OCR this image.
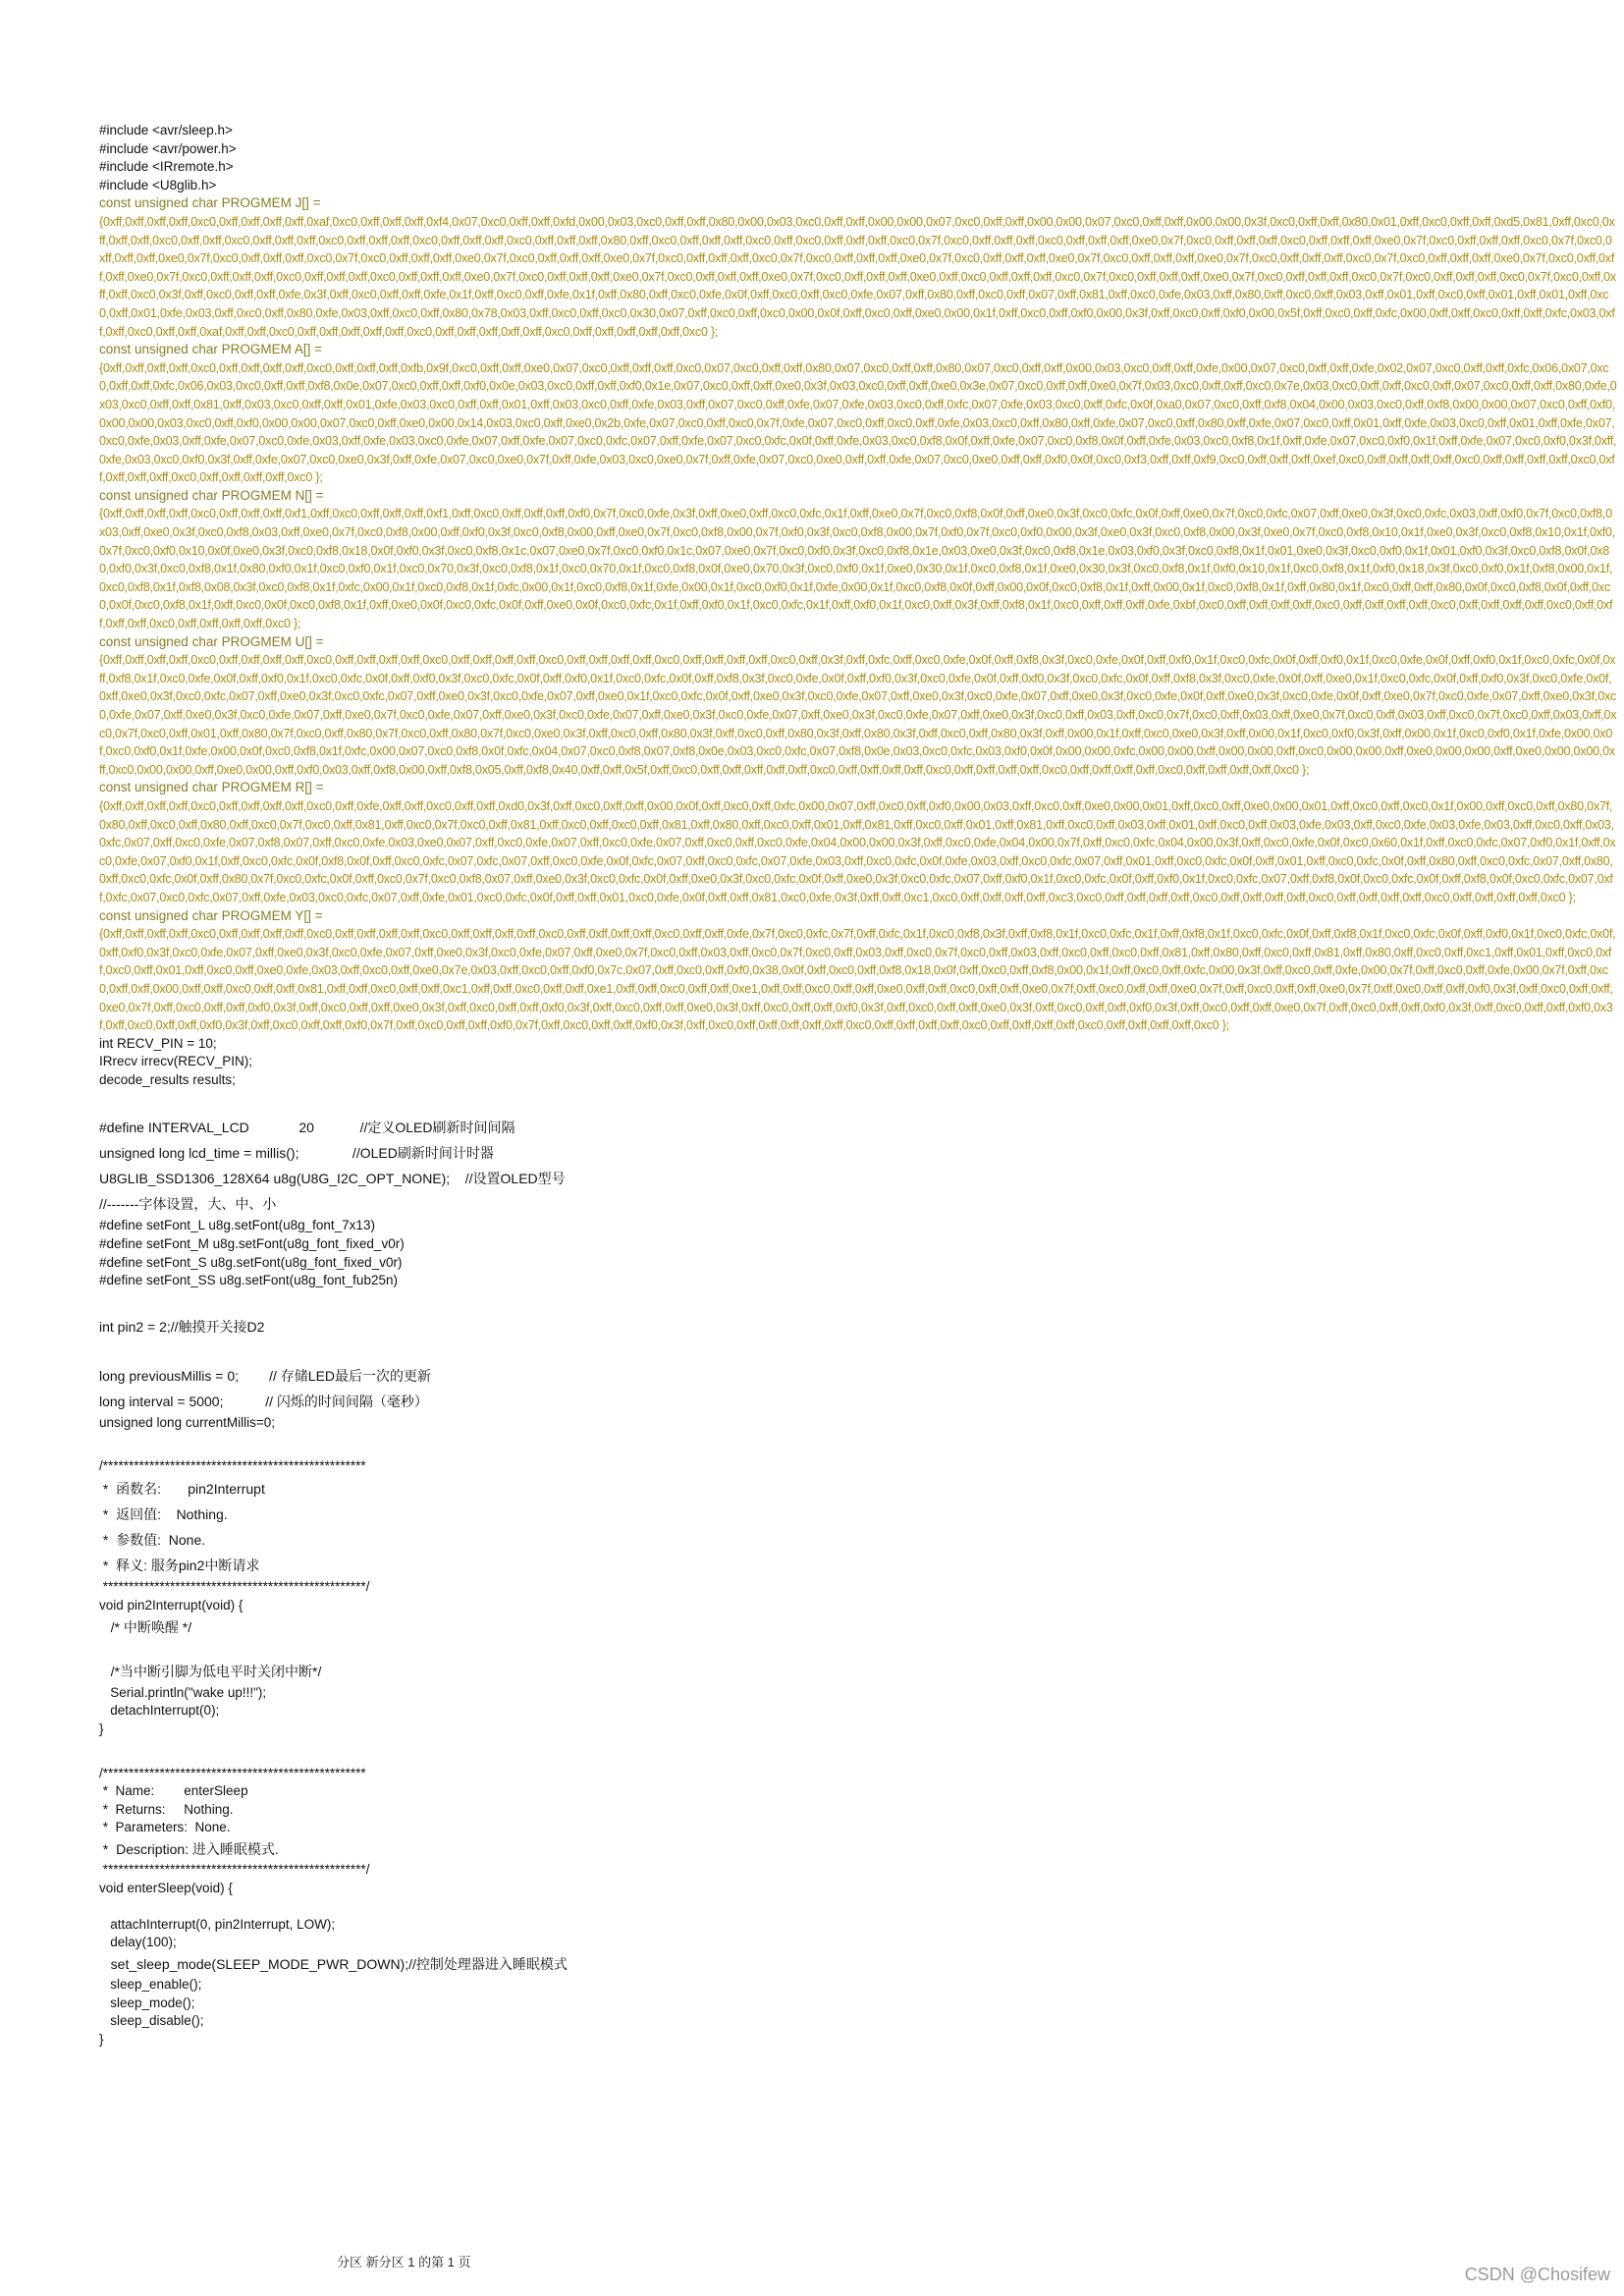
#include <avr/sleep.h>
#include <avr/power.h>
#include <IRremote.h>
#include <U8glib.h>
const unsigned char PROGMEM J[] =
{0xff,0xff,0xff,0xff,0xc0,0xff,0xff,0xff,0xff,0xaf,0xc0,0xff,0xff,0xff,0xf4,0x07,0xc0,0xff,0xff,0xfd,0x00,0x03,0xc0,0xff,0xff,0x80,0x00,0x03,0xc0,0xff,0xff,0x00,0x00,0x07,0xc0,0xff,0xff,0x00,0x00,0x07,0xc0,0xff,0xff,0x00,0x00,0x3f,0xc0,0xff,0xff,0x80,0x01,0xff,0xc0,0xff,0xff,0xd5,0x81,0xff,0xc0,0xff,0xff,0xff,0xc0,0xff,0xff,0xc0,0xff,0xff,0xff,0xc0,0xff,0xff,0xff,0xc0,0xff,0xff,0xff,0xc0,0xff,0xff,0xff,0x80,0xff,0xc0,0xff,0xff,0xff,0xc0,0xff,0xc0,0xff,0xff,0xff,0xc0,0x7f,0xc0,0xff,0xff,0xff,0xc0,0xff,0xff,0xff,0xe0,0x7f,0xc0,0xff,0xff,0xff,0xc0,0xff,0xff,0xff,0xe0,0x7f,0xc0,0xff,0xff,0xff,0xc0,0x7f,0xc0,0xff,0xff,0xff,0xe0,0x7f,0xc0,0xff,0xff,0xff,0xc0,0x7f,0xc0,0xff,0xff,0xff,0xe0,0x7f,0xc0,0xff,0xff,0xff,0xe0,0x7f,0xc0,0xff,0xff,0xff,0xc0,0x7f,0xc0,0xff,0xff,0xff,0xe0,0x7f,0xc0,0xff,0xff,0xff,0xe0,0x7f,0xc0,0xff,0xff,0xff,0xe0,0x7f,0xc0,0xff,0xff,0xff,0xc0,0x7f,0xc0,0xff,0xff,0xff,0xe0,0x7f,0xc0,0xff,0xff,0xff,0xe0,0x7f,0xc0,0xff,0xff,0xff,0xc0,0xff,0xff,0xff,0xc0,0xff,0xff,0xff,0xe0,0x7f,0xc0,0xff,0xff,0xff,0xe0,0x7f,0xc0,0xff,0xff,0xff,0xe0,0x7f,0xc0,0xff,0xff,0xff,0xe0,0xff,0xc0,0xff,0xff,0xff,0xc0,0x7f,0xc0,0xff,0xff,0xff,0xe0,0x7f,0xc0,0xff,0xff,0xff,0xc0,0x7f,0xc0,0xff,0xff,0xff,0xc0,0x7f,0xc0,0xff,0xff,0xff,0xc0,0x3f,0xff,0xc0,0xff,0xff,0xfe,0x3f,0xff,0xc0,0xff,0xff,0xfe,0x1f,0xff,0xc0,0xff,0xfe,0x1f,0xff,0x80,0xff,0xc0,0xfe,0x0f,0xff,0xc0,0xff,0xc0,0xfe,0x07,0xff,0x80,0xff,0xc0,0xff,0x07,0xff,0x81,0xff,0xc0,0xfe,0x03,0xff,0x80,0xff,0xc0,0xff,0x03,0xff,0x01,0xff,0xc0,0xff,0x01,0xff,0x01,0xff,0xc0,0xff,0x01,0xfe,0x03,0xff,0xc0,0xff,0x80,0xfe,0x03,0xff,0xc0,0xff,0x80,0x78,0x03,0xff,0xc0,0xff,0xc0,0x30,0x07,0xff,0xc0,0xff,0xc0,0x00,0x0f,0xff,0xc0,0xff,0xe0,0x00,0x1f,0xff,0xc0,0xff,0xf0,0x00,0x3f,0xff,0xc0,0xff,0xf0,0x00,0x5f,0xff,0xc0,0xff,0xfc,0x00,0xff,0xff,0xc0,0xff,0xff,0xfc,0x03,0xff,0xff,0xc0,0xff,0xff,0xaf,0xff,0xff,0xc0,0xff,0xff,0xff,0xff,0xff,0xc0,0xff,0xff,0xff,0xff,0xff,0xc0,0xff,0xff,0xff,0xff,0xff,0xc0 };
const unsigned char PROGMEM A[] =
{0xff,0xff,0xff,0xff,0xc0,0xff,0xff,0xff,0xff,0xc0,0xff,0xff,0xff,0xfb,0x9f,0xc0,0xff,0xff,0xe0,0x07,0xc0,0xff,0xff,0xff,0xc0,0x07,0xc0,0xff,0xff,0x80,0x07,0xc0,0xff,0xff,0x80,0x07,0xc0,0xff,0xff,0x00,0x03,0xc0,0xff,0xff,0xfe,0x00,0x07,0xc0,0xff,0xff,0xfe,0x02,0x07,0xc0,0xff,0xff,0xfc,0x06,0x07,0xc0,0xff,0xff,0xfc,0x06,0x03,0xc0,0xff,0xff,0xf8,0x0e,0x07,0xc0,0xff,0xff,0xf0,0x0e,0x03,0xc0,0xff,0xff,0xf0,0x1e,0x07,0xc0,0xff,0xff,0xe0,0x3f,0x03,0xc0,0xff,0xff,0xe0,0x3e,0x07,0xc0,0xff,0xff,0xe0,0x7f,0x03,0xc0,0xff,0xff,0xc0,0x7e,0x03,0xc0,0xff,0xff,0xc0,0xff,0x07,0xc0,0xff,0xff,0x80,0xfe,0x03,0xc0,0xff,0xff,0x81,0xff,0x03,0xc0,0xff,0xff,0x01,0xfe,0x03,0xc0,0xff,0xff,0x01,0xff,0x03,0xc0,0xff,0xfe,0x03,0xff,0x07,0xc0,0xff,0xfe,0x07,0xfe,0x03,0xc0,0xff,0xfc,0x07,0xfe,0x03,0xc0,0xff,0xfc,0x0f,0xa0,0x07,0xc0,0xff,0xf8,0x04,0x00,0x03,0xc0,0xff,0xf8,0x00,0x00,0x07,0xc0,0xff,0xf0,0x00,0x00,0x03,0xc0,0xff,0xf0,0x00,0x00,0x07,0xc0,0xff,0xe0,0x00,0x14,0x03,0xc0,0xff,0xe0,0x2b,0xfe,0x07,0xc0,0xff,0xc0,0x7f,0xfe,0x07,0xc0,0xff,0xc0,0xff,0xfe,0x03,0xc0,0xff,0x80,0xff,0xfe,0x07,0xc0,0xff,0x80,0xff,0xfe,0x07,0xc0,0xff,0x01,0xff,0xfe,0x03,0xc0,0xff,0x01,0xff,0xfe,0x07,0xc0,0xfe,0x03,0xff,0xfe,0x07,0xc0,0xfe,0x03,0xff,0xfe,0x03,0xc0,0xfe,0x07,0xff,0xfe,0x07,0xc0,0xfc,0x07,0xff,0xfe,0x07,0xc0,0xfc,0x0f,0xff,0xfe,0x03,0xc0,0xf8,0x0f,0xff,0xfe,0x07,0xc0,0xf8,0x0f,0xff,0xfe,0x03,0xc0,0xf8,0x1f,0xff,0xfe,0x07,0xc0,0xf0,0x1f,0xff,0xfe,0x07,0xc0,0xf0,0x3f,0xff,0xfe,0x03,0xc0,0xf0,0x3f,0xff,0xfe,0x07,0xc0,0xe0,0x3f,0xff,0xfe,0x07,0xc0,0xe0,0x7f,0xff,0xfe,0x03,0xc0,0xe0,0x7f,0xff,0xfe,0x07,0xc0,0xe0,0xff,0xff,0xfe,0x07,0xc0,0xe0,0xff,0xff,0xf0,0x0f,0xc0,0xf3,0xff,0xff,0xf9,0xc0,0xff,0xff,0xff,0xef,0xc0,0xff,0xff,0xff,0xff,0xc0,0xff,0xff,0xff,0xff,0xc0,0xff,0xff,0xff,0xff,0xc0,0xff,0xff,0xff,0xff,0xc0 };
const unsigned char PROGMEM N[] =
{0xff,0xff,0xff,0xff,0xc0,0xff,0xff,0xff,0xf1,0xff,0xc0,0xff,0xff,0xff,0xf1,0xff,0xc0,0xff,0xff,0xff,0xf0,0x7f,0xc0,0xfe,0x3f,0xff,0xe0,0xff,0xc0,0xfc,0x1f,0xff,0xe0,0x7f,0xc0,0xf8,0x0f,0xff,0xe0,0x3f,0xc0,0xfc,0x0f,0xff,0xe0,0x7f,0xc0,0xfc,0x07,0xff,0xe0,0x3f,0xc0,0xfc,0x03,0xff,0xf0,0x7f,0xc0,0xf8,0x03,0xff,0xe0,0x3f,0xc0,0xf8,0x03,0xff,0xe0,0x7f,0xc0,0xf8,0x00,0xff,0xf0,0x3f,0xc0,0xf8,0x00,0xff,0xe0,0x7f,0xc0,0xf8,0x00,0x7f,0xf0,0x3f,0xc0,0xf8,0x00,0x7f,0xf0,0x7f,0xc0,0xf0,0x00,0x3f,0xe0,0x3f,0xc0,0xf8,0x00,0x3f,0xe0,0x7f,0xc0,0xf8,0x10,0x1f,0xe0,0x3f,0xc0,0xf8,0x10,0x1f,0xf0,0x7f,0xc0,0xf0,0x10,0x0f,0xe0,0x3f,0xc0,0xf8,0x18,0x0f,0xf0,0x3f,0xc0,0xf8,0x1c,0x07,0xe0,0x7f,0xc0,0xf0,0x1c,0x07,0xe0,0x7f,0xc0,0xf0,0x3f,0xc0,0xf8,0x1e,0x03,0xe0,0x3f,0xc0,0xf8,0x1e,0x03,0xf0,0x3f,0xc0,0xf8,0x1f,0x01,0xe0,0x3f,0xc0,0xf0,0x1f,0x01,0xf0,0x3f,0xc0,0xf8,0x0f,0x80,0xf0,0x3f,0xc0,0xf8,0x1f,0x80,0xf0,0x1f,0xc0,0xf0,0x1f,0xc0,0x70,0x3f,0xc0,0xf8,0x1f,0xc0,0x70,0x1f,0xc0,0xf8,0x0f,0xe0,0x70,0x3f,0xc0,0xf0,0x1f,0xe0,0x30,0x1f,0xc0,0xf8,0x1f,0xe0,0x30,0x3f,0xc0,0xf8,0x1f,0xf0,0x10,0x1f,0xc0,0xf8,0x1f,0xf0,0x18,0x3f,0xc0,0xf0,0x1f,0xf8,0x00,0x1f,0xc0,0xf8,0x1f,0xf8,0x08,0x3f,0xc0,0xf8,0x1f,0xfc,0x00,0x1f,0xc0,0xf8,0x1f,0xfc,0x00,0x1f,0xc0,0xf8,0x1f,0xfe,0x00,0x1f,0xc0,0xf0,0x1f,0xfe,0x00,0x1f,0xc0,0xf8,0x0f,0xff,0x00,0x0f,0xc0,0xf8,0x1f,0xff,0x00,0x1f,0xc0,0xf8,0x1f,0xff,0x80,0x1f,0xc0,0xff,0xff,0x80,0x0f,0xc0,0xf8,0x0f,0xff,0xc0,0x0f,0xc0,0xf8,0x1f,0xff,0xc0,0x0f,0xc0,0xf8,0x1f,0xff,0xe0,0x0f,0xc0,0xfc,0x0f,0xff,0xe0,0x0f,0xc0,0xfc,0x1f,0xff,0xf0,0x1f,0xc0,0xfc,0x1f,0xff,0xf0,0x1f,0xc0,0xff,0x3f,0xff,0xf8,0x1f,0xc0,0xff,0xff,0xff,0xfe,0xbf,0xc0,0xff,0xff,0xff,0xff,0xc0,0xff,0xff,0xff,0xff,0xc0,0xff,0xff,0xff,0xff,0xc0,0xff,0xff,0xff,0xff,0xc0,0xff,0xff,0xff,0xff,0xc0 };
const unsigned char PROGMEM U[] =
{0xff,0xff,0xff,0xff,0xc0,0xff,0xff,0xff,0xff,0xc0,0xff,0xff,0xff,0xff,0xc0,0xff,0xff,0xff,0xff,0xc0,0xff,0xff,0xff,0xff,0xc0,0xff,0xff,0xff,0xff,0xc0,0xff,0x3f,0xff,0xfc,0xff,0xc0,0xfe,0x0f,0xff,0xf8,0x3f,0xc0,0xfe,0x0f,0xff,0xf0,0x1f,0xc0,0xfc,0x0f,0xff,0xf0,0x1f,0xc0,0xfe,0x0f,0xff,0xf0,0x1f,0xc0,0xfc,0x0f,0xff,0xf8,0x1f,0xc0,0xfe,0x0f,0xff,0xf0,0x1f,0xc0,0xfc,0x0f,0xff,0xf0,0x3f,0xc0,0xfc,0x0f,0xff,0xf0,0x1f,0xc0,0xfc,0x0f,0xff,0xf8,0x3f,0xc0,0xfe,0x0f,0xff,0xf0,0x3f,0xc0,0xfe,0x0f,0xff,0xf0,0x3f,0xc0,0xfc,0x0f,0xff,0xf8,0x3f,0xc0,0xfe,0x0f,0xff,0xe0,0x1f,0xc0,0xfc,0x0f,0xff,0xf0,0x3f,0xc0,0xfe,0x0f,0xff,0xe0,0x3f,0xc0,0xfc,0x07,0xff,0xe0,0x3f,0xc0,0xfc,0x07,0xff,0xe0,0x3f,0xc0,0xfe,0x07,0xff,0xe0,0x1f,0xc0,0xfc,0x0f,0xff,0xe0,0x3f,0xc0,0xfe,0x07,0xff,0xe0,0x3f,0xc0,0xfe,0x07,0xff,0xe0,0x3f,0xc0,0xfe,0x0f,0xff,0xe0,0x3f,0xc0,0xfe,0x0f,0xff,0xe0,0x7f,0xc0,0xfe,0x07,0xff,0xe0,0x3f,0xc0,0xfe,0x07,0xff,0xe0,0x3f,0xc0,0xfe,0x07,0xff,0xe0,0x7f,0xc0,0xfe,0x07,0xff,0xe0,0x3f,0xc0,0xfe,0x07,0xff,0xe0,0x3f,0xc0,0xfe,0x07,0xff,0xe0,0x3f,0xc0,0xfe,0x07,0xff,0xe0,0x3f,0xc0,0xff,0x03,0xff,0xc0,0x7f,0xc0,0xff,0x03,0xff,0xe0,0x7f,0xc0,0xff,0x03,0xff,0xc0,0x7f,0xc0,0xff,0x03,0xff,0xc0,0x7f,0xc0,0xff,0x01,0xff,0x80,0x7f,0xc0,0xff,0x80,0x7f,0xc0,0xff,0x80,0x7f,0xc0,0xe0,0x3f,0xff,0xc0,0xff,0x80,0x3f,0xff,0xc0,0xff,0x80,0x3f,0xff,0x80,0x3f,0xff,0xc0,0xff,0x80,0x3f,0xff,0x00,0x1f,0xff,0xc0,0xe0,0x3f,0xff,0x00,0x1f,0xc0,0xf0,0x3f,0xff,0x00,0x1f,0xc0,0xf0,0x1f,0xfe,0x00,0x0f,0xc0,0xf0,0x1f,0xfe,0x00,0x0f,0xc0,0xf8,0x1f,0xfc,0x00,0x07,0xc0,0xf8,0x0f,0xfc,0x04,0x07,0xc0,0xf8,0x07,0xf8,0x0e,0x03,0xc0,0xfc,0x07,0xf8,0x0e,0x03,0xc0,0xfc,0x03,0xf0,0x0f,0x00,0x00,0xfc,0x00,0x00,0xff,0x00,0x00,0xff,0xc0,0x00,0x00,0xff,0xe0,0x00,0x00,0xff,0xe0,0x00,0x00,0xff,0xc0,0x00,0x00,0xff,0xe0,0x00,0xff,0xf0,0x03,0xff,0xf8,0x00,0xff,0xf8,0x05,0xff,0xf8,0x40,0xff,0xff,0x5f,0xff,0xc0,0xff,0xff,0xff,0xff,0xff,0xc0,0xff,0xff,0xff,0xff,0xc0,0xff,0xff,0xff,0xff,0xc0,0xff,0xff,0xff,0xff,0xc0,0xff,0xff,0xff,0xff,0xc0 };
const unsigned char PROGMEM R[] =
{0xff,0xff,0xff,0xff,0xc0,0xff,0xff,0xff,0xff,0xc0,0xff,0xfe,0xff,0xff,0xc0,0xff,0xff,0xd0,0x3f,0xff,0xc0,0xff,0xff,0x00,0x0f,0xff,0xc0,0xff,0xfc,0x00,0x07,0xff,0xc0,0xff,0xf0,0x00,0x03,0xff,0xc0,0xff,0xe0,0x00,0x01,0xff,0xc0,0xff,0xe0,0x00,0x01,0xff,0xc0,0xff,0xc0,0x1f,0x00,0xff,0xc0,0xff,0x80,0x7f,0x80,0xff,0xc0,0xff,0x80,0xff,0xc0,0x7f,0xc0,0xff,0x81,0xff,0xc0,0x7f,0xc0,0xff,0x81,0xff,0xc0,0xff,0xc0,0xff,0x81,0xff,0x80,0xff,0xc0,0xff,0x01,0xff,0x81,0xff,0xc0,0xff,0x01,0xff,0x81,0xff,0xc0,0xff,0x03,0xff,0x01,0xff,0xc0,0xff,0x03,0xfe,0x03,0xff,0xc0,0xfe,0x03,0xfe,0x03,0xff,0xc0,0xff,0x03,0xfc,0x07,0xff,0xc0,0xfe,0x07,0xf8,0x07,0xff,0xc0,0xfe,0x03,0xe0,0x07,0xff,0xc0,0xfe,0x07,0xff,0xc0,0xfe,0x07,0xff,0xc0,0xff,0xc0,0xfe,0x04,0x00,0x00,0x3f,0xff,0xc0,0xfe,0x04,0x00,0x7f,0xff,0xc0,0xfc,0x04,0x00,0x3f,0xff,0xc0,0xfe,0x0f,0xc0,0x60,0x1f,0xff,0xc0,0xfc,0x07,0xf0,0x1f,0xff,0xc0,0xfe,0x07,0xf0,0x1f,0xff,0xc0,0xfc,0x0f,0xf8,0x0f,0xff,0xc0,0xfc,0x07,0xfc,0x07,0xff,0xc0,0xfe,0x0f,0xfc,0x07,0xff,0xc0,0xfc,0x07,0xfe,0x03,0xff,0xc0,0xfc,0x0f,0xfe,0x03,0xff,0xc0,0xfc,0x07,0xff,0x01,0xff,0xc0,0xfc,0x0f,0xff,0x01,0xff,0xc0,0xfc,0x0f,0xff,0x80,0xff,0xc0,0xfc,0x07,0xff,0x80,0xff,0xc0,0xfc,0x0f,0xff,0x80,0x7f,0xc0,0xfc,0x0f,0xff,0xc0,0x7f,0xc0,0xf8,0x07,0xff,0xe0,0x3f,0xc0,0xfc,0x0f,0xff,0xe0,0x3f,0xc0,0xfc,0x0f,0xff,0xe0,0x3f,0xc0,0xfc,0x07,0xff,0xf0,0x1f,0xc0,0xfc,0x0f,0xff,0xf0,0x1f,0xc0,0xfc,0x07,0xff,0xf8,0x0f,0xc0,0xfc,0x0f,0xff,0xf8,0x0f,0xc0,0xfc,0x07,0xff,0xfc,0x07,0xc0,0xfc,0x07,0xff,0xfe,0x03,0xc0,0xfc,0x07,0xff,0xfe,0x01,0xc0,0xfc,0x0f,0xff,0xff,0x01,0xc0,0xfe,0x0f,0xff,0xff,0x81,0xc0,0xfe,0x3f,0xff,0xff,0xc1,0xc0,0xff,0xff,0xff,0xff,0xc3,0xc0,0xff,0xff,0xff,0xff,0xc0,0xff,0xff,0xff,0xff,0xc0,0xff,0xff,0xff,0xff,0xc0,0xff,0xff,0xff,0xff,0xc0 };
const unsigned char PROGMEM Y[] =
{0xff,0xff,0xff,0xff,0xc0,0xff,0xff,0xff,0xff,0xc0,0xff,0xff,0xff,0xff,0xc0,0xff,0xff,0xff,0xff,0xc0,0xff,0xff,0xff,0xff,0xc0,0xff,0xff,0xfe,0x7f,0xc0,0xfc,0x7f,0xff,0xfc,0x1f,0xc0,0xf8,0x3f,0xff,0xf8,0x1f,0xc0,0xfc,0x1f,0xff,0xf8,0x1f,0xc0,0xfc,0x0f,0xff,0xf8,0x1f,0xc0,0xfc,0x0f,0xff,0xf0,0x1f,0xc0,0xfc,0x0f,0xff,0xf0,0x3f,0xc0,0xfe,0x07,0xff,0xe0,0x3f,0xc0,0xfe,0x07,0xff,0xe0,0x3f,0xc0,0xfe,0x07,0xff,0xe0,0x7f,0xc0,0xff,0x03,0xff,0xc0,0x7f,0xc0,0xff,0x03,0xff,0xc0,0x7f,0xc0,0xff,0x03,0xff,0xc0,0xff,0xc0,0xff,0x81,0xff,0x80,0xff,0xc0,0xff,0x81,0xff,0x80,0xff,0xc0,0xff,0xc1,0xff,0x01,0xff,0xc0,0xff,0xc0,0xff,0x01,0xff,0xc0,0xff,0xe0,0xfe,0x03,0xff,0xc0,0xff,0xe0,0x7e,0x03,0xff,0xc0,0xff,0xf0,0x7c,0x07,0xff,0xc0,0xff,0xf0,0x38,0x0f,0xff,0xc0,0xff,0xf8,0x18,0x0f,0xff,0xc0,0xff,0xf8,0x00,0x1f,0xff,0xc0,0xff,0xfc,0x00,0x3f,0xff,0xc0,0xff,0xfe,0x00,0x7f,0xff,0xc0,0xff,0xfe,0x00,0x7f,0xff,0xc0,0xff,0xff,0x00,0xff,0xff,0xc0,0xff,0xff,0x81,0xff,0xff,0xc0,0xff,0xff,0xc1,0xff,0xff,0xc0,0xff,0xff,0xe1,0xff,0xff,0xc0,0xff,0xff,0xe1,0xff,0xff,0xc0,0xff,0xff,0xe0,0xff,0xff,0xc0,0xff,0xff,0xe0,0x7f,0xff,0xc0,0xff,0xff,0xe0,0x7f,0xff,0xc0,0xff,0xff,0xe0,0x7f,0xff,0xc0,0xff,0xff,0xf0,0x3f,0xff,0xc0,0xff,0xff,0xe0,0x7f,0xff,0xc0,0xff,0xff,0xf0,0x3f,0xff,0xc0,0xff,0xff,0xe0,0x3f,0xff,0xc0,0xff,0xff,0xf0,0x3f,0xff,0xc0,0xff,0xff,0xe0,0x3f,0xff,0xc0,0xff,0xff,0xf0,0x3f,0xff,0xc0,0xff,0xff,0xe0,0x3f,0xff,0xc0,0xff,0xff,0xf0,0x3f,0xff,0xc0,0xff,0xff,0xe0,0x7f,0xff,0xc0,0xff,0xff,0xf0,0x3f,0xff,0xc0,0xff,0xff,0xf0,0x3f,0xff,0xc0,0xff,0xff,0xf0,0x3f,0xff,0xc0,0xff,0xff,0xf0,0x7f,0xff,0xc0,0xff,0xff,0xf0,0x7f,0xff,0xc0,0xff,0xff,0xf0,0x3f,0xff,0xc0,0xff,0xff,0xff,0xff,0xff,0xc0,0xff,0xff,0xff,0xff,0xc0,0xff,0xff,0xff,0xff,0xc0,0xff,0xff,0xff,0xff,0xc0 };
int RECV_PIN = 10;
IRrecv irrecv(RECV_PIN);
decode_results results;
#define INTERVAL_LCD             20            //定义OLED刷新时间间隔
unsigned long lcd_time = millis();              //OLED刷新时间计时器
U8GLIB_SSD1306_128X64 u8g(U8G_I2C_OPT_NONE);    //设置OLED型号
//-------字体设置，大、中、小
#define setFont_L u8g.setFont(u8g_font_7x13)
#define setFont_M u8g.setFont(u8g_font_fixed_v0r)
#define setFont_S u8g.setFont(u8g_font_fixed_v0r)
#define setFont_SS u8g.setFont(u8g_font_fub25n)
int pin2 = 2;//触摸开关接D2
long previousMillis = 0;        // 存储LED最后一次的更新
long interval = 5000;           // 闪烁的时间间隔（毫秒）
unsigned long currentMillis=0;
/***************************************************
*  函数名:       pin2Interrupt
*  返回值:    Nothing.
*  参数值:  None.
*  释义: 服务pin2中断请求
***************************************************/
void pin2Interrupt(void) {
/* 中断唤醒 */
/*当中断引脚为低电平时关闭中断*/
Serial.println("wake up!!!");
detachInterrupt(0);
}
/***************************************************
*  Name:        enterSleep
*  Returns:     Nothing.
*  Parameters:  None.
*  Description: 进入睡眠模式.
***************************************************/
void enterSleep(void) {
attachInterrupt(0, pin2Interrupt, LOW);
delay(100);
set_sleep_mode(SLEEP_MODE_PWR_DOWN);//控制处理器进入睡眠模式
sleep_enable();
sleep_mode();
sleep_disable();
}
分区 新分区 1 的第 1 页
CSDN @Chosifew
